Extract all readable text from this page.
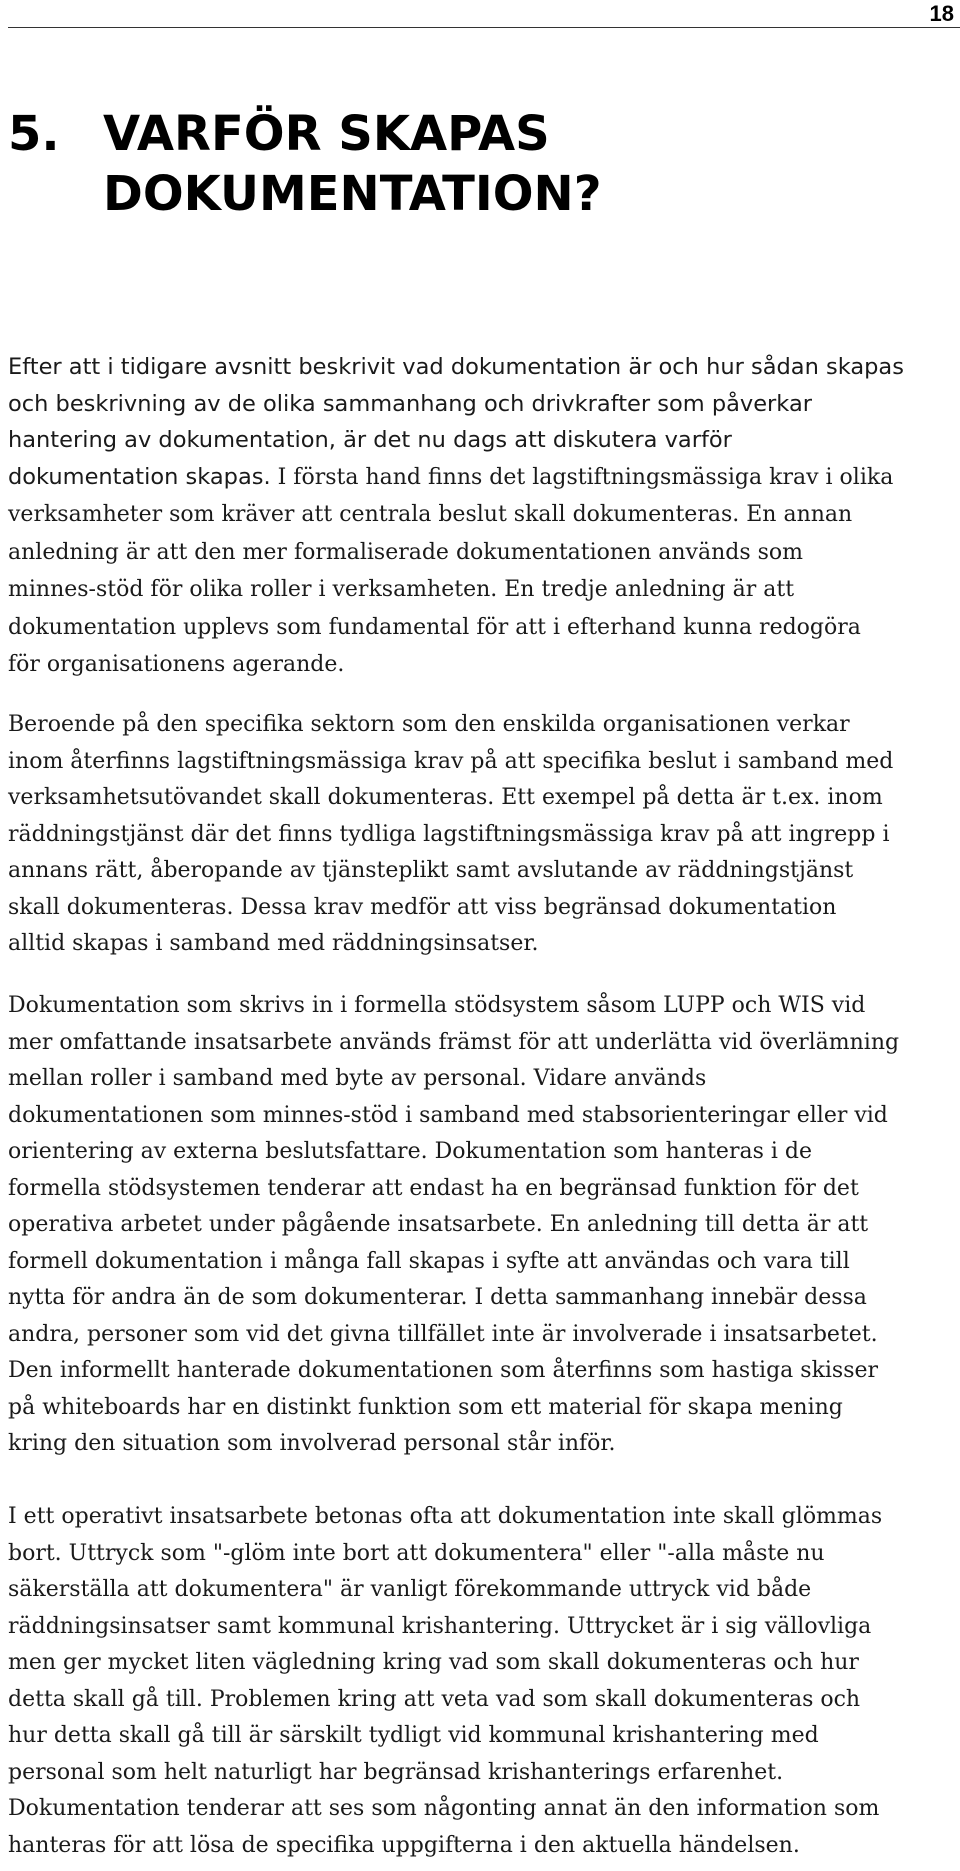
18
5. VARFÖR SKAPAS
DOKUMENTATION?

Efter att i tidigare avsnitt beskrivit vad dokumentation är och hur sådan skapas
och beskrivning av de olika sammanhang och drivkrafter som påverkar
hantering av dokumentation, är det nu dags att diskutera varför
dokumentation skapas. I första hand finns det lagstiftningsmässiga krav i olika
verksamheter som kräver att centrala beslut skall dokumenteras. En annan
anledning är att den mer formaliserade dokumentationen används som
minnes-stöd för olika roller i verksamheten. En tredje anledning är att
dokumentation upplevs som fundamental för att i efterhand kunna redogöra
för organisationens agerande.

Beroende på den specifika sektorn som den enskilda organisationen verkar
inom återfinns lagstiftningsmässiga krav på att specifika beslut i samband med
verksamhetsutövandet skall dokumenteras. Ett exempel på detta är t.ex. inom
räddningstjänst där det finns tydliga lagstiftningsmässiga krav på att ingrepp i
annans rätt, åberopande av tjänsteplikt samt avslutande av räddningstjänst
skall dokumenteras. Dessa krav medför att viss begränsad dokumentation
alltid skapas i samband med räddningsinsatser.

Dokumentation som skrivs in i formella stödsystem såsom LUPP och WIS vid
mer omfattande insatsarbete används främst för att underlätta vid överlämning
mellan roller i samband med byte av personal. Vidare används
dokumentationen som minnes-stöd i samband med stabsorienteringar eller vid
orientering av externa beslutsfattare. Dokumentation som hanteras i de
formella stödsystemen tenderar att endast ha en begränsad funktion för det
operativa arbetet under pågående insatsarbete. En anledning till detta är att
formell dokumentation i många fall skapas i syfte att användas och vara till
nytta för andra än de som dokumenterar. I detta sammanhang innebär dessa
andra, personer som vid det givna tillfället inte är involverade i insatsarbetet.
Den informellt hanterade dokumentationen som återfinns som hastiga skisser
på whiteboards har en distinkt funktion som ett material för skapa mening
kring den situation som involverad personal står inför.

I ett operativt insatsarbete betonas ofta att dokumentation inte skall glömmas
bort. Uttryck som "-glöm inte bort att dokumentera" eller "-alla måste nu
säkerställa att dokumentera" är vanligt förekommande uttryck vid både
räddningsinsatser samt kommunal krishantering. Uttrycket är i sig vällovliga
men ger mycket liten vägledning kring vad som skall dokumenteras och hur
detta skall gå till. Problemen kring att veta vad som skall dokumenteras och
hur detta skall gå till är särskilt tydligt vid kommunal krishantering med
personal som helt naturligt har begränsad krishanterings erfarenhet.
Dokumentation tenderar att ses som någonting annat än den information som
hanteras för att lösa de specifika uppgifterna i den aktuella händelsen.
